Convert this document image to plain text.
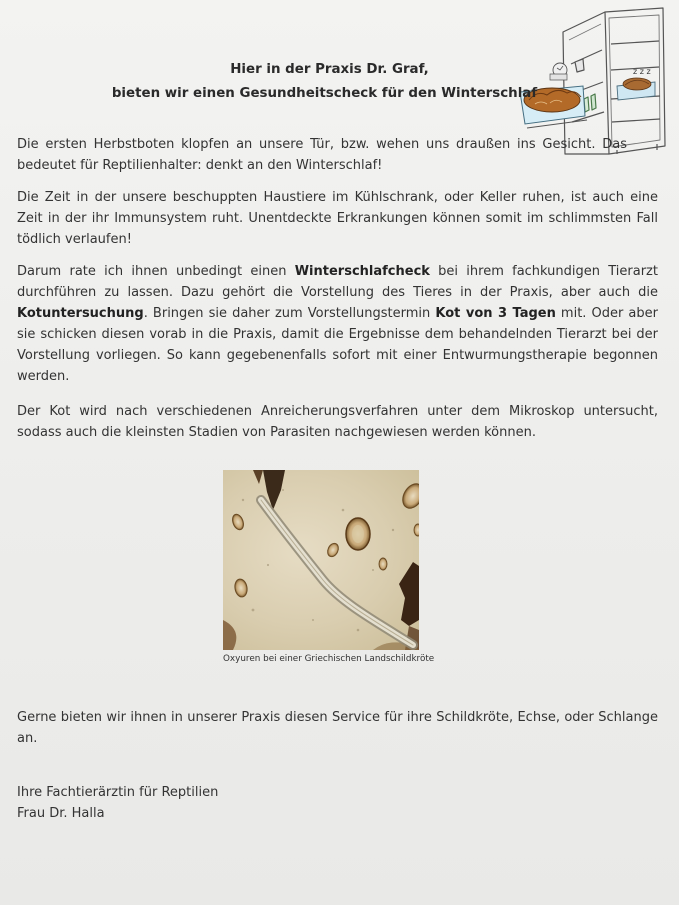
z z z
Hier in der Praxis Dr. Graf,
bieten wir einen Gesundheitscheck für den Winterschlaf
Die ersten Herbstboten klopfen an unsere Tür, bzw. wehen uns draußen ins Gesicht. Das bedeutet für Reptilienhalter: denkt an den Winterschlaf!
Die Zeit in der unsere beschuppten Haustiere im Kühlschrank, oder Keller ruhen, ist auch eine Zeit in der ihr Immunsystem ruht. Unentdeckte Erkrankungen können somit im schlimmsten Fall tödlich verlaufen!
Darum rate ich ihnen unbedingt einen Winterschlafcheck bei ihrem fachkundigen Tierarzt durchführen zu lassen. Dazu gehört die Vorstellung des Tieres in der Praxis, aber auch die Kotuntersuchung. Bringen sie daher zum Vorstellungstermin Kot von 3 Tagen mit. Oder aber sie schicken diesen vorab in die Praxis, damit die Ergebnisse dem behandelnden Tierarzt bei der Vorstellung vorliegen. So kann gegebenenfalls sofort mit einer Entwurmungstherapie begonnen werden.
Der Kot wird nach verschiedenen Anreicherungsverfahren unter dem Mikroskop untersucht, sodass auch die kleinsten Stadien von Parasiten nachgewiesen werden können.
Oxyuren bei einer Griechischen Landschildkröte
Gerne bieten wir ihnen in unserer Praxis diesen Service für ihre Schildkröte, Echse, oder Schlange an.
Ihre Fachtierärztin für Reptilien
Frau Dr. Halla
